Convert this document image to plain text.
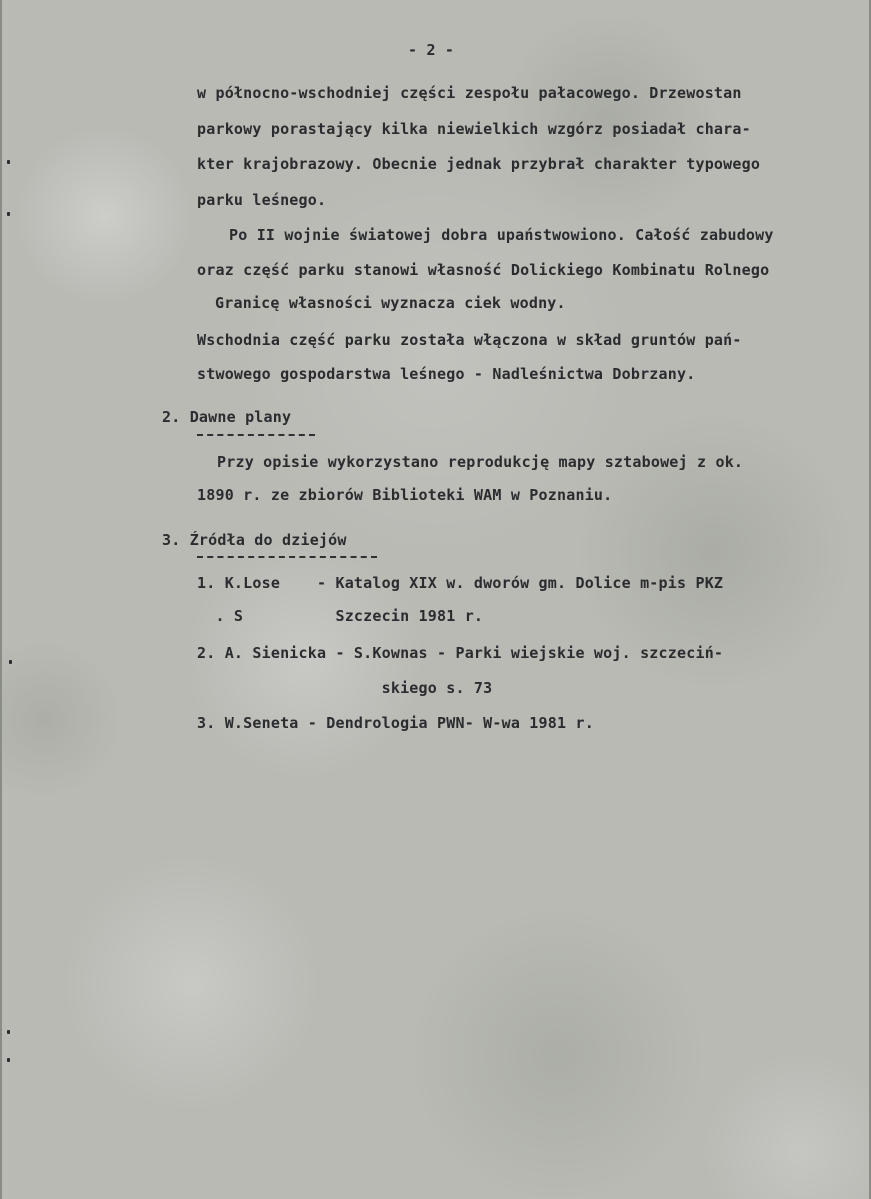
- 2 -
w północno-wschodniej części zespołu pałacowego. Drzewostan
parkowy porastający kilka niewielkich wzgórz posiadał chara-
kter krajobrazowy. Obecnie jednak przybrał charakter typowego
parku leśnego.
Po II wojnie światowej dobra upaństwowiono. Całość zabudowy
oraz część parku stanowi własność Dolickiego Kombinatu Rolnego
Granicę własności wyznacza ciek wodny.
Wschodnia część parku została włączona w skład gruntów pań-
stwowego gospodarstwa leśnego - Nadleśnictwa Dobrzany.
2. Dawne plany
Przy opisie wykorzystano reprodukcję mapy sztabowej z ok.
1890 r. ze zbiorów Biblioteki WAM w Poznaniu.
3. Źródła do dziejów
1. K.Lose    - Katalog XIX w. dworów gm. Dolice m-pis PKZ
. S          Szczecin 1981 r.
2. A. Sienicka - S.Kownas - Parki wiejskie woj. szczeciń-
skiego s. 73
3. W.Seneta - Dendrologia PWN- W-wa 1981 r.
